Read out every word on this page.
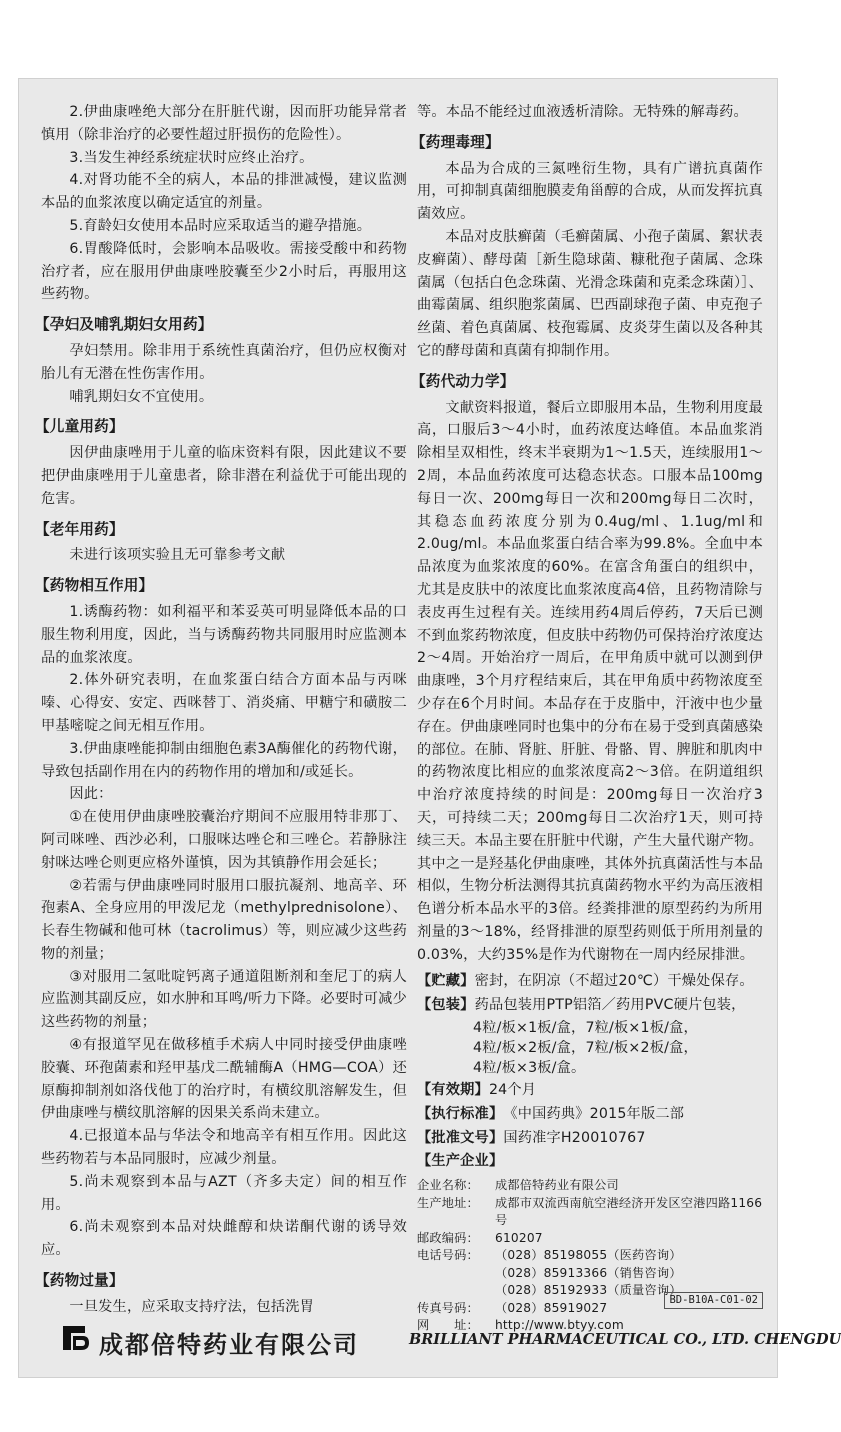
2.伊曲康唑绝大部分在肝脏代谢，因而肝功能异常者慎用（除非治疗的必要性超过肝损伤的危险性）。

3.当发生神经系统症状时应终止治疗。

4.对肾功能不全的病人，本品的排泄减慢，建议监测本品的血浆浓度以确定适宜的剂量。

5.育龄妇女使用本品时应采取适当的避孕措施。

6.胃酸降低时，会影响本品吸收。需接受酸中和药物治疗者，应在服用伊曲康唑胶囊至少2小时后，再服用这些药物。

【孕妇及哺乳期妇女用药】

孕妇禁用。除非用于系统性真菌治疗，但仍应权衡对胎儿有无潜在性伤害作用。

哺乳期妇女不宜使用。

【儿童用药】

因伊曲康唑用于儿童的临床资料有限，因此建议不要把伊曲康唑用于儿童患者，除非潜在利益优于可能出现的危害。

【老年用药】

未进行该项实验且无可靠参考文献

【药物相互作用】

1.诱酶药物：如利福平和苯妥英可明显降低本品的口服生物利用度，因此，当与诱酶药物共同服用时应监测本品的血浆浓度。

2.体外研究表明，在血浆蛋白结合方面本品与丙咪嗪、心得安、安定、西咪替丁、消炎痛、甲糖宁和磺胺二甲基嘧啶之间无相互作用。

3.伊曲康唑能抑制由细胞色素3A酶催化的药物代谢，导致包括副作用在内的药物作用的增加和/或延长。

因此：

①在使用伊曲康唑胶囊治疗期间不应服用特非那丁、阿司咪唑、西沙必利，口服咪达唑仑和三唑仑。若静脉注射咪达唑仑则更应格外谨慎，因为其镇静作用会延长；

②若需与伊曲康唑同时服用口服抗凝剂、地高辛、环孢素A、全身应用的甲泼尼龙（methylprednisolone）、长春生物碱和他可林（tacrolimus）等，则应减少这些药物的剂量；

③对服用二氢吡啶钙离子通道阻断剂和奎尼丁的病人应监测其副反应，如水肿和耳鸣/听力下降。必要时可减少这些药物的剂量；

④有报道罕见在做移植手术病人中同时接受伊曲康唑胶囊、环孢菌素和羟甲基戊二酰辅酶A（HMG—COA）还原酶抑制剂如洛伐他丁的治疗时，有横纹肌溶解发生，但伊曲康唑与横纹肌溶解的因果关系尚未建立。

4.已报道本品与华法令和地高辛有相互作用。因此这些药物若与本品同服时，应减少剂量。

5.尚未观察到本品与AZT（齐多夫定）间的相互作用。

6.尚未观察到本品对炔雌醇和炔诺酮代谢的诱导效应。

【药物过量】

一旦发生，应采取支持疗法，包括洗胃

等。本品不能经过血液透析清除。无特殊的解毒药。

【药理毒理】

本品为合成的三氮唑衍生物，具有广谱抗真菌作用，可抑制真菌细胞膜麦角甾醇的合成，从而发挥抗真菌效应。

本品对皮肤癣菌（毛癣菌属、小孢子菌属、絮状表皮癣菌）、酵母菌［新生隐球菌、糠秕孢子菌属、念珠菌属（包括白色念珠菌、光滑念珠菌和克柔念珠菌）］、曲霉菌属、组织胞浆菌属、巴西副球孢子菌、申克孢子丝菌、着色真菌属、枝孢霉属、皮炎芽生菌以及各种其它的酵母菌和真菌有抑制作用。

【药代动力学】

文献资料报道，餐后立即服用本品，生物利用度最高，口服后3～4小时，血药浓度达峰值。本品血浆消除相呈双相性，终末半衰期为1～1.5天，连续服用1～2周，本品血药浓度可达稳态状态。口服本品100mg每日一次、200mg每日一次和200mg每日二次时，其稳态血药浓度分别为0.4ug/ml、1.1ug/ml和2.0ug/ml。本品血浆蛋白结合率为99.8%。全血中本品浓度为血浆浓度的60%。在富含角蛋白的组织中，尤其是皮肤中的浓度比血浆浓度高4倍，且药物清除与表皮再生过程有关。连续用药4周后停药，7天后已测不到血浆药物浓度，但皮肤中药物仍可保持治疗浓度达2～4周。开始治疗一周后，在甲角质中就可以测到伊曲康唑，3个月疗程结束后，其在甲角质中药物浓度至少存在6个月时间。本品存在于皮脂中，汗液中也少量存在。伊曲康唑同时也集中的分布在易于受到真菌感染的部位。在肺、肾脏、肝脏、骨骼、胃、脾脏和肌肉中的药物浓度比相应的血浆浓度高2～3倍。在阴道组织中治疗浓度持续的时间是：200mg每日一次治疗3天，可持续二天；200mg每日二次治疗1天，则可持续三天。本品主要在肝脏中代谢，产生大量代谢产物。其中之一是羟基化伊曲康唑，其体外抗真菌活性与本品相似，生物分析法测得其抗真菌药物水平约为高压液相色谱分析本品水平的3倍。经粪排泄的原型药约为所用剂量的3～18%，经肾排泄的原型药则低于所用剂量的0.03%，大约35%是作为代谢物在一周内经尿排泄。

【贮藏】 密封，在阴凉（不超过20℃）干燥处保存。
【包装】 药品包装用PTP铝箔／药用PVC硬片包装，
4粒/板×1板/盒，7粒/板×1板/盒，
4粒/板×2板/盒，7粒/板×2板/盒，
4粒/板×3板/盒。
【有效期】 24个月
【执行标准】 《中国药典》2015年版二部
【批准文号】 国药准字H20010767
【生产企业】
企业名称：	成都倍特药业有限公司
生产地址：	成都市双流西南航空港经济开发区空港四路1166号
邮政编码：	610207
电话号码：	（028）85198055（医药咨询）
（028）85913366（销售咨询）
（028）85192933（质量咨询）
传真号码：	（028）85919027
网　　址：	http://www.btyy.com
BD-B10A-C01-02
成都倍特药业有限公司	BRILLIANT PHARMACEUTICAL CO., LTD. CHENGDU
